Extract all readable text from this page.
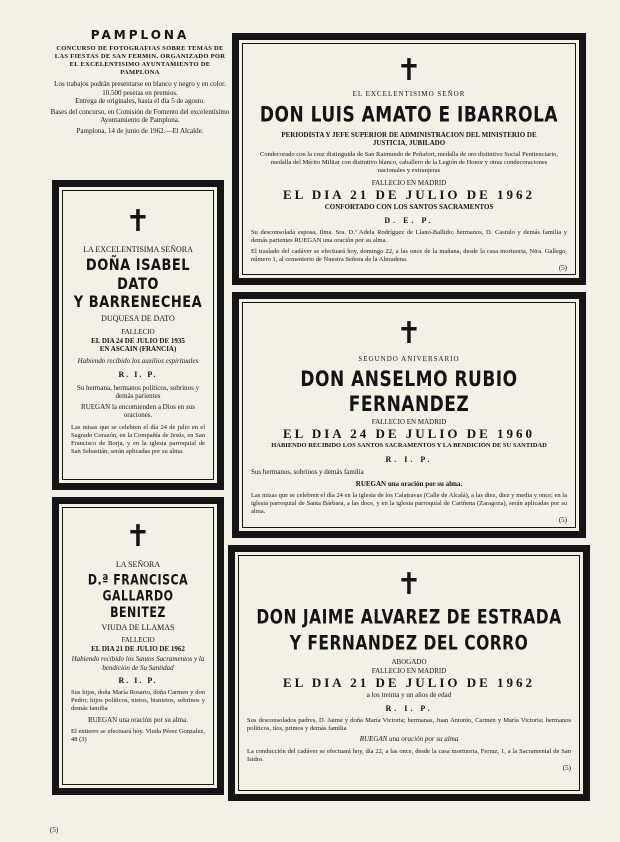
PAMPLONA
CONCURSO DE FOTOGRAFIAS SOBRE TEMAS DE LAS FIESTAS DE SAN FERMIN, ORGANIZADO POR EL EXCELENTISIMO AYUNTAMIENTO DE PAMPLONA
Los trabajos podrán presentarse en blanco y negro y en color.
10.500 pesetas en premios.
Entrega de originales, hasta el día 5 de agosto.
Bases del concurso, en Comisión de Fomento del excelentísimo Ayuntamiento de Pamplona.
Pamplona, 14 de junio de 1962.—El Alcalde.
✝
LA EXCELENTISIMA SEÑORA
DOÑA ISABEL DATO
Y BARRENECHEA
DUQUESA DE DATO
FALLECIO
EL DIA 24 DE JULIO DE 1935
EN ASCAIN (FRANCIA)
Habiendo recibido los auxilios espirituales
R. I. P.
Su hermana, hermanos políticos, sobrinos y demás parientes
RUEGAN la encomienden a Dios en sus oraciones.
Las misas que se celebren el día 24 de julio en el Sagrado Corazón, en la Compañía de Jesús, en San Francisco de Borja, y en la iglesia parroquial de San Sebastián, serán aplicadas por su alma.
✝
LA SEÑORA
D.ª FRANCISCA GALLARDO
BENITEZ
VIUDA DE LLAMAS
FALLECIO
EL DIA 21 DE JULIO DE 1962
Habiendo recibido los Santos Sacramentos y la bendición de Su Santidad
R. I. P.
Sus hijas, doña María Rosario, doña Carmen y don Pedro; hijos políticos, nietos, bisnietos, sobrinos y demás familia
RUEGAN una oración por su alma.
El entierro se efectuará hoy. Viuda Pérez Gonzalez, 48 (3)
✝
EL EXCELENTISIMO SEÑOR
DON LUIS AMATO E IBARROLA
PERIODISTA Y JEFE SUPERIOR DE ADMINISTRACION DEL MINISTERIO DE JUSTICIA, JUBILADO
Condecorado con la cruz distinguida de San Raimundo de Peñafort, medalla de oro distintivo Social Penitenciario, medalla del Mérito Militar con distintivo blanco, caballero de la Legión de Honor y otras condecoraciones nacionales y extranjeras
FALLECIO EN MADRID
EL DIA 21 DE JULIO DE 1962
CONFORTADO CON LOS SANTOS SACRAMENTOS
D. E. P.
Su desconsolada esposa, Ilma. Sra. D.ª Adela Rodríguez de Llano-Ballido; hermanos, D. Castulo y demás familia y demás parientes RUEGAN una oración por su alma.
El traslado del cadáver se efectuará hoy, domingo 22, a las once de la mañana, desde la casa mortuoria, Ntra. Gallego, número 1, al cementerio de Nuestra Señora de la Almudena.
(5)
✝
SEGUNDO ANIVERSARIO
DON ANSELMO RUBIO FERNANDEZ
FALLECIO EN MADRID
EL DIA 24 DE JULIO DE 1960
HABIENDO RECIBIDO LOS SANTOS SACRAMENTOS Y LA BENDICION DE SU SANTIDAD
R. I. P.
Sus hermanos, sobrinos y demás familia
RUEGAN una oración por su alma.
Las misas que se celebren el día 24 en la iglesia de los Calatravas (Calle de Alcalá), a las diez, diez y media y once; en la iglesia parroquial de Santa Bárbara, a las doce, y en la iglesia parroquial de Cariñena (Zaragoza), serán aplicadas por su alma.
(5)
✝
DON JAIME ALVAREZ DE ESTRADA
Y FERNANDEZ DEL CORRO
ABOGADO
FALLECIO EN MADRID
EL DIA 21 DE JULIO DE 1962
a los treinta y un años de edad
R. I. P.
Sus desconsolados padres, D. Jaime y doña María Victoria; hermanas, Juan Antonio, Carmen y María Victoria; hermanos políticos, tíos, primos y demás familia
RUEGAN una oración por su alma
La conducción del cadáver se efectuará hoy, día 22, a las once, desde la casa mortuoria, Ferraz, 1, a la Sacramental de San Isidro.
(5)
(5)
